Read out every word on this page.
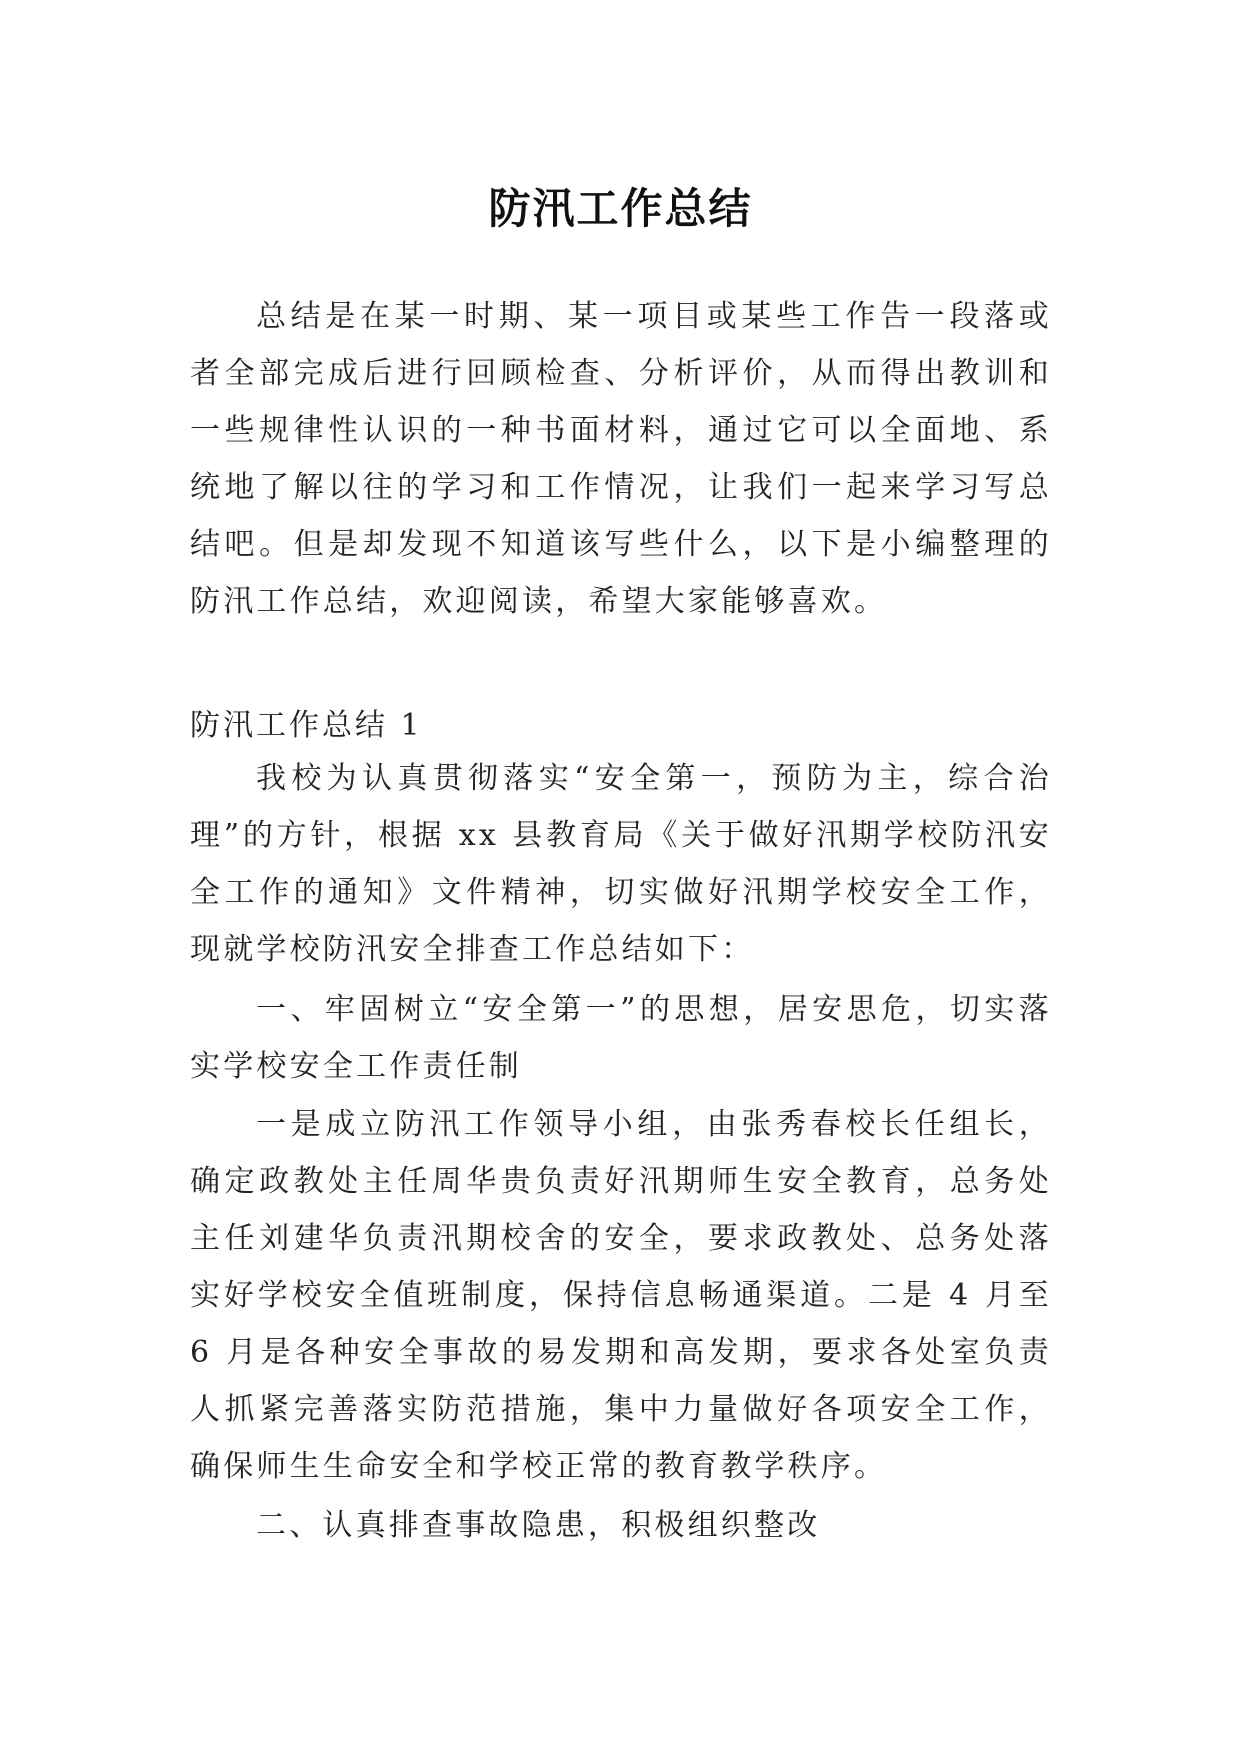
防汛工作总结

总结是在某一时期、某一项目或某些工作告一段落或者全部完成后进行回顾检查、分析评价，从而得出教训和一些规律性认识的一种书面材料，通过它可以全面地、系统地了解以往的学习和工作情况，让我们一起来学习写总结吧。但是却发现不知道该写些什么，以下是小编整理的防汛工作总结，欢迎阅读，希望大家能够喜欢。

防汛工作总结 1

我校为认真贯彻落实“安全第一，预防为主，综合治理”的方针，根据 xx 县教育局《关于做好汛期学校防汛安全工作的通知》文件精神，切实做好汛期学校安全工作，现就学校防汛安全排查工作总结如下：

一、牢固树立“安全第一”的思想，居安思危，切实落实学校安全工作责任制

一是成立防汛工作领导小组，由张秀春校长任组长，确定政教处主任周华贵负责好汛期师生安全教育，总务处主任刘建华负责汛期校舍的安全，要求政教处、总务处落实好学校安全值班制度，保持信息畅通渠道。二是 4 月至 6 月是各种安全事故的易发期和高发期，要求各处室负责人抓紧完善落实防范措施，集中力量做好各项安全工作，确保师生生命安全和学校正常的教育教学秩序。

二、认真排查事故隐患，积极组织整改
